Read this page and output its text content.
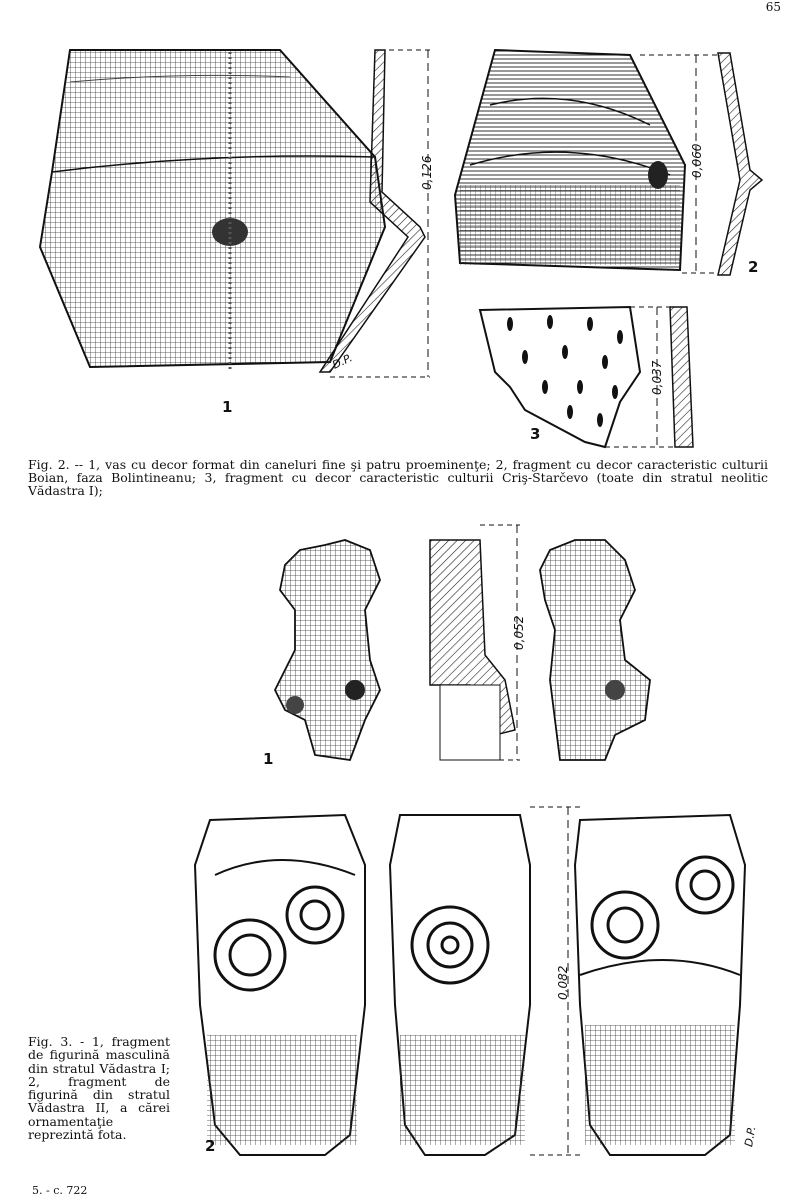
65
1
0,126
D.P.
2
0,060
3
0,037
Fig. 2. -- 1, vas cu decor format din caneluri fine şi patru proeminenţe; 2, fragment cu decor caracteristic culturii Boian, faza Bolintineanu; 3, fragment cu decor caracteristic culturii Criş-Starčevo (toate din stratul neolitic Vădastra I);
1
0,052
2
0,082
D.P.
Fig. 3. - 1, fragment de figurină masculină din stratul Vădastra I; 2, fragment de figurină din stratul Vădastra II, a cărei ornamentaţie reprezintă fota.
5. - c. 722
